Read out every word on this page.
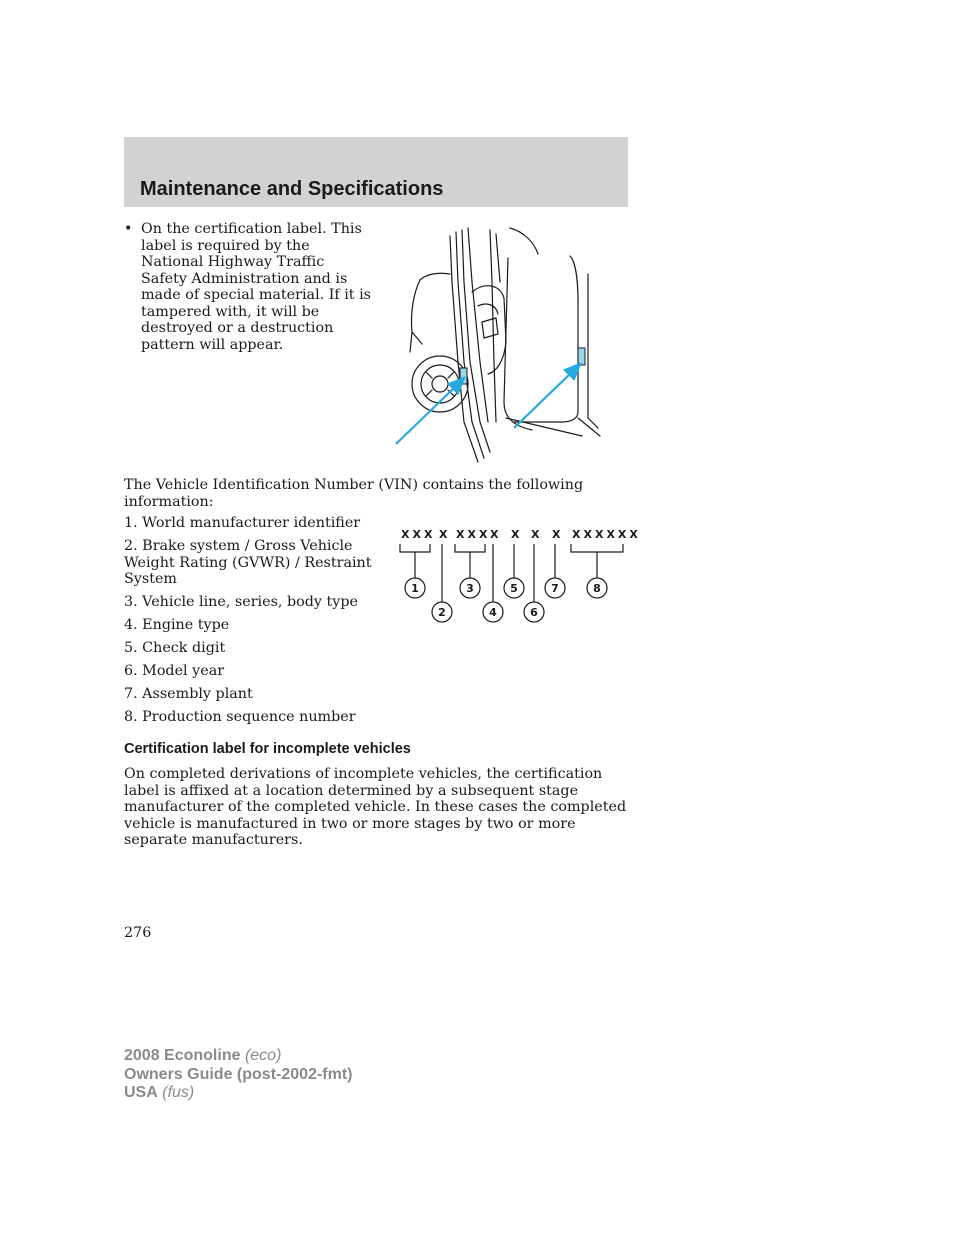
Maintenance and Specifications
• On the certification label. This label is required by the National Highway Traffic Safety Administration and is made of special material. If it is tampered with, it will be destroyed or a destruction pattern will appear.
The Vehicle Identification Number (VIN) contains the following information:
1. World manufacturer identifier
2. Brake system / Gross Vehicle Weight Rating (GVWR) / Restraint System
3. Vehicle line, series, body type
4. Engine type
5. Check digit
6. Model year
7. Assembly plant
8. Production sequence number
XXX X XXX X X X X XXXXXX
1
2
3
4
5
6
7	8
Certification label for incomplete vehicles
On completed derivations of incomplete vehicles, the certification label is affixed at a location determined by a subsequent stage manufacturer of the completed vehicle. In these cases the completed vehicle is manufactured in two or more stages by two or more separate manufacturers.
276
2008 Econoline (eco)
Owners Guide (post-2002-fmt)
USA (fus)
